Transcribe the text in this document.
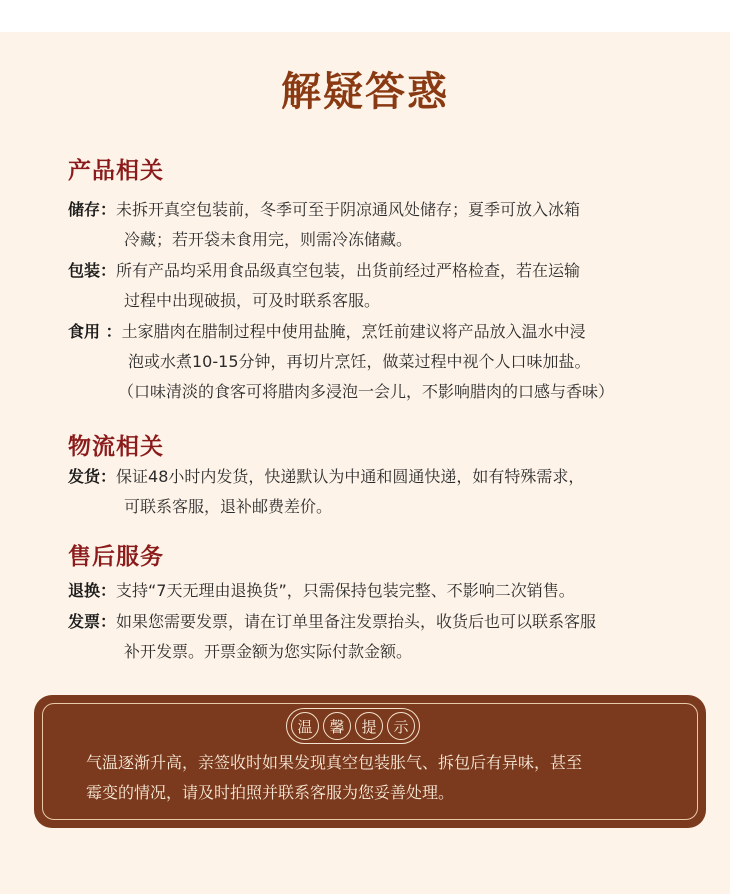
解疑答惑
产品相关
储存：未拆开真空包装前，冬季可至于阴凉通风处储存；夏季可放入冰箱
冷藏；若开袋未食用完，则需冷冻储藏。
包装：所有产品均采用食品级真空包装，出货前经过严格检查，若在运输
过程中出现破损，可及时联系客服。
食用 ：土家腊肉在腊制过程中使用盐腌，烹饪前建议将产品放入温水中浸
泡或水煮10-15分钟，再切片烹饪，做菜过程中视个人口味加盐。
（口味清淡的食客可将腊肉多浸泡一会儿，不影响腊肉的口感与香味）
物流相关
发货：保证48小时内发货，快递默认为中通和圆通快递，如有特殊需求，
可联系客服，退补邮费差价。
售后服务
退换：支持“7天无理由退换货”，只需保持包装完整、不影响二次销售。
发票：如果您需要发票，请在订单里备注发票抬头，收货后也可以联系客服
补开发票。开票金额为您实际付款金额。
温	馨	提	示
气温逐渐升高，亲签收时如果发现真空包装胀气、拆包后有异味，甚至
霉变的情况，请及时拍照并联系客服为您妥善处理。
